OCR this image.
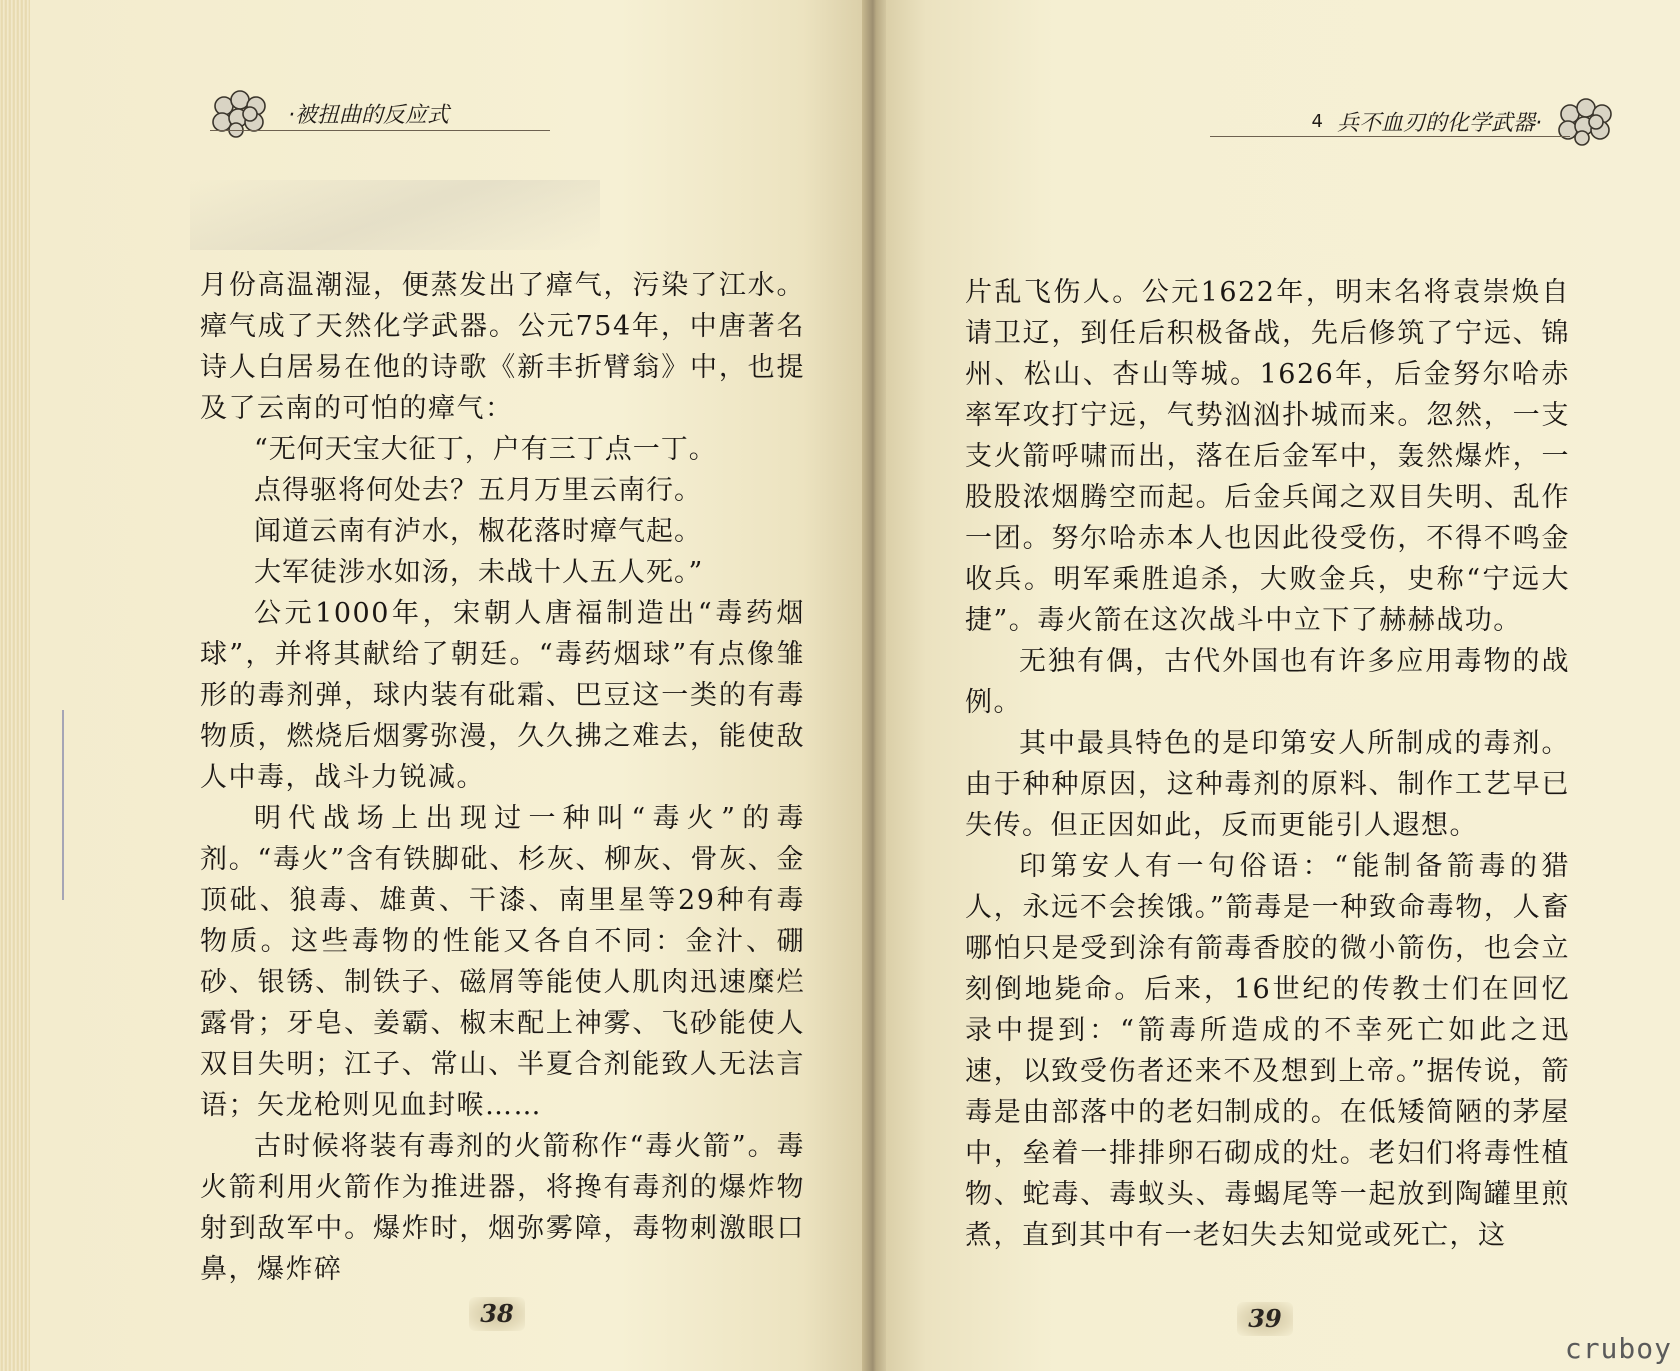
·被扭曲的反应式	4 兵不血刃的化学武器·

月份高温潮湿，便蒸发出了瘴气，污染了江水。瘴气成了天然化学武器。公元754年，中唐著名诗人白居易在他的诗歌《新丰折臂翁》中，也提及了云南的可怕的瘴气：

“无何天宝大征丁，户有三丁点一丁。

点得驱将何处去？五月万里云南行。

闻道云南有泸水，椒花落时瘴气起。

大军徒涉水如汤，未战十人五人死。”

公元1000年，宋朝人唐福制造出“毒药烟球”，并将其献给了朝廷。“毒药烟球”有点像雏形的毒剂弹，球内装有砒霜、巴豆这一类的有毒物质，燃烧后烟雾弥漫，久久拂之难去，能使敌人中毒，战斗力锐减。

明代战场上出现过一种叫“毒火”的毒剂。“毒火”含有铁脚砒、杉灰、柳灰、骨灰、金顶砒、狼毒、雄黄、干漆、南里星等29种有毒物质。这些毒物的性能又各自不同：金汁、硼砂、银锈、制铁子、磁屑等能使人肌肉迅速糜烂露骨；牙皂、姜霸、椒末配上神雾、飞砂能使人双目失明；江子、常山、半夏合剂能致人无法言语；矢龙枪则见血封喉……

古时候将装有毒剂的火箭称作“毒火箭”。毒火箭利用火箭作为推进器，将搀有毒剂的爆炸物射到敌军中。爆炸时，烟弥雾障，毒物刺激眼口鼻，爆炸碎

片乱飞伤人。公元1622年，明末名将袁崇焕自请卫辽，到任后积极备战，先后修筑了宁远、锦州、松山、杏山等城。1626年，后金努尔哈赤率军攻打宁远，气势汹汹扑城而来。忽然，一支支火箭呼啸而出，落在后金军中，轰然爆炸，一股股浓烟腾空而起。后金兵闻之双目失明、乱作一团。努尔哈赤本人也因此役受伤，不得不鸣金收兵。明军乘胜追杀，大败金兵，史称“宁远大捷”。毒火箭在这次战斗中立下了赫赫战功。

无独有偶，古代外国也有许多应用毒物的战例。

其中最具特色的是印第安人所制成的毒剂。由于种种原因，这种毒剂的原料、制作工艺早已失传。但正因如此，反而更能引人遐想。

印第安人有一句俗语：“能制备箭毒的猎人，永远不会挨饿。”箭毒是一种致命毒物，人畜哪怕只是受到涂有箭毒香胶的微小箭伤，也会立刻倒地毙命。后来，16世纪的传教士们在回忆录中提到：“箭毒所造成的不幸死亡如此之迅速，以致受伤者还来不及想到上帝。”据传说，箭毒是由部落中的老妇制成的。在低矮简陋的茅屋中，垒着一排排卵石砌成的灶。老妇们将毒性植物、蛇毒、毒蚁头、毒蝎尾等一起放到陶罐里煎煮，直到其中有一老妇失去知觉或死亡，这

38	39
cruboy
